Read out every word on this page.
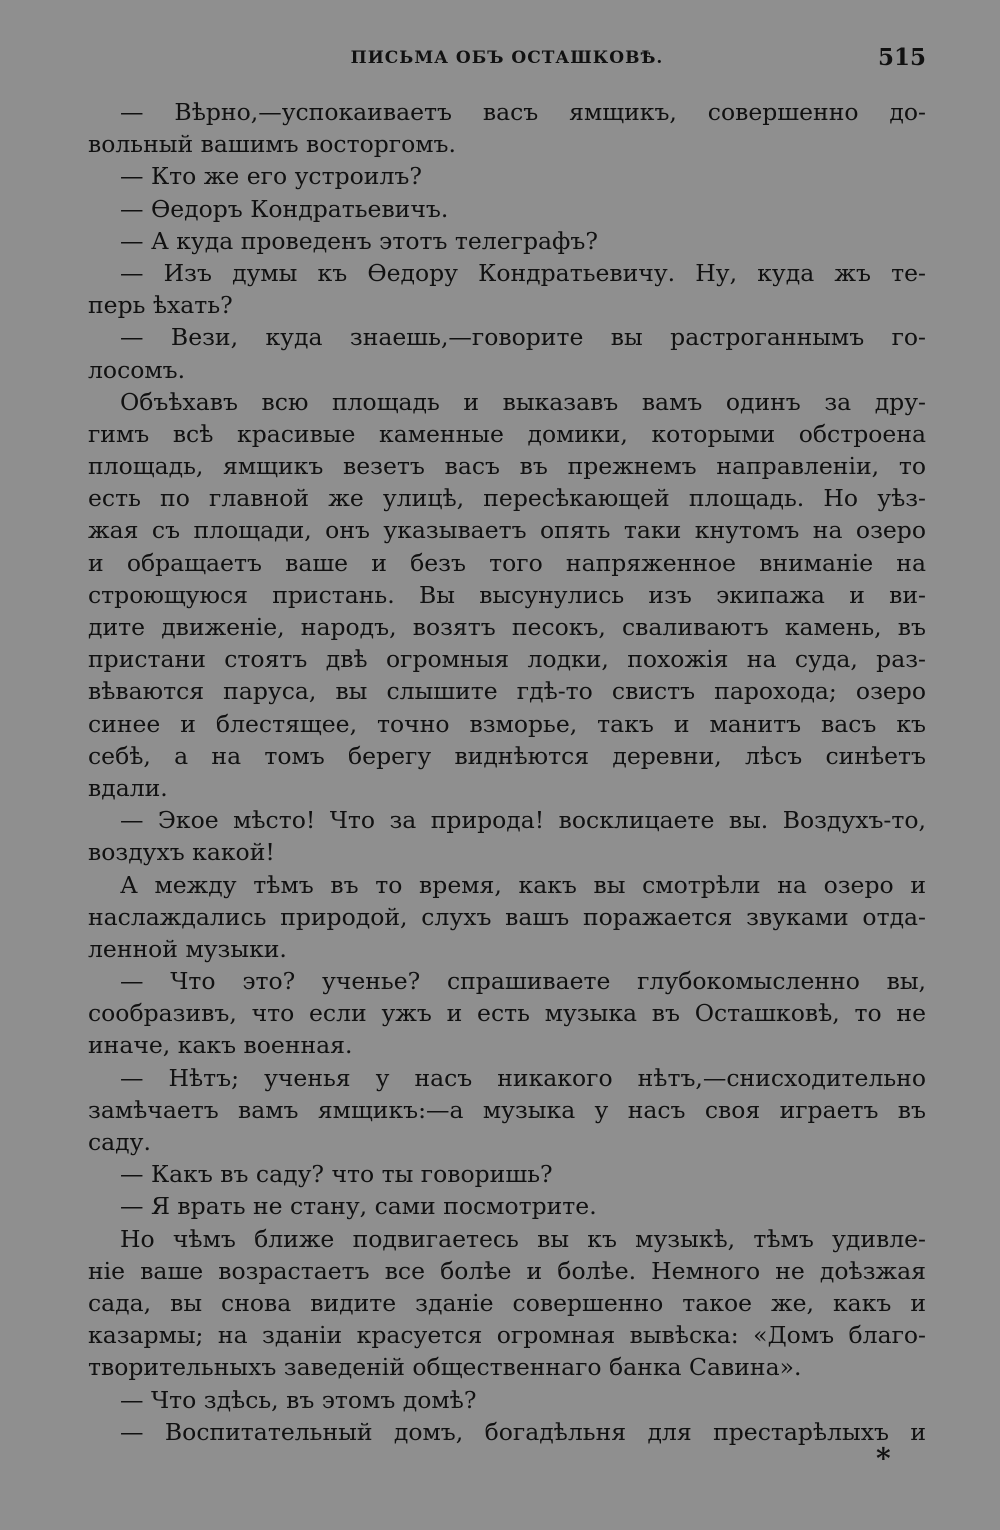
ПИСЬМА ОБЪ ОСТАШКОВѢ.	515
— Вѣрно,—успокаиваетъ васъ ямщикъ, совершенно до-
вольный вашимъ восторгомъ.
— Кто же его устроилъ?
— Ѳедоръ Кондратьевичъ.
— А куда проведенъ этотъ телеграфъ?
— Изъ думы къ Ѳедору Кондратьевичу. Ну, куда жъ те-
перь ѣхать?
— Вези, куда знаешь,—говорите вы растроганнымъ го-
лосомъ.
Объѣхавъ всю площадь и выказавъ вамъ одинъ за дру-
гимъ всѣ красивые каменные домики, которыми обстроена
площадь, ямщикъ везетъ васъ въ прежнемъ направленіи, то
есть по главной же улицѣ, пересѣкающей площадь. Но уѣз-
жая съ площади, онъ указываетъ опять таки кнутомъ на озеро
и обращаетъ ваше и безъ того напряженное вниманіе на
строющуюся пристань. Вы высунулись изъ экипажа и ви-
дите движеніе, народъ, возятъ песокъ, сваливаютъ камень, въ
пристани стоятъ двѣ огромныя лодки, похожія на суда, раз-
вѣваются паруса, вы слышите гдѣ-то свистъ парохода; озеро
синее и блестящее, точно взморье, такъ и манитъ васъ къ
себѣ, а на томъ берегу виднѣются деревни, лѣсъ синѣетъ
вдали.
— Экое мѣсто! Что за природа! восклицаете вы. Воздухъ-то,
воздухъ какой!
А между тѣмъ въ то время, какъ вы смотрѣли на озеро и
наслаждались природой, слухъ вашъ поражается звуками отда-
ленной музыки.
— Что это? ученье? спрашиваете глубокомысленно вы,
сообразивъ, что если ужъ и есть музыка въ Осташковѣ, то не
иначе, какъ военная.
— Нѣтъ; ученья у насъ никакого нѣтъ,—снисходительно
замѣчаетъ вамъ ямщикъ:—а музыка у насъ своя играетъ въ
саду.
— Какъ въ саду? что ты говоришь?
— Я врать не стану, сами посмотрите.
Но чѣмъ ближе подвигаетесь вы къ музыкѣ, тѣмъ удивле-
ніе ваше возрастаетъ все болѣе и болѣе. Немного не доѣзжая
сада, вы снова видите зданіе совершенно такое же, какъ и
казармы; на зданіи красуется огромная вывѣска: «Домъ благо-
творительныхъ заведеній общественнаго банка Савина».
— Что здѣсь, въ этомъ домѣ?
— Воспитательный домъ, богадѣльня для престарѣлыхъ и
*
